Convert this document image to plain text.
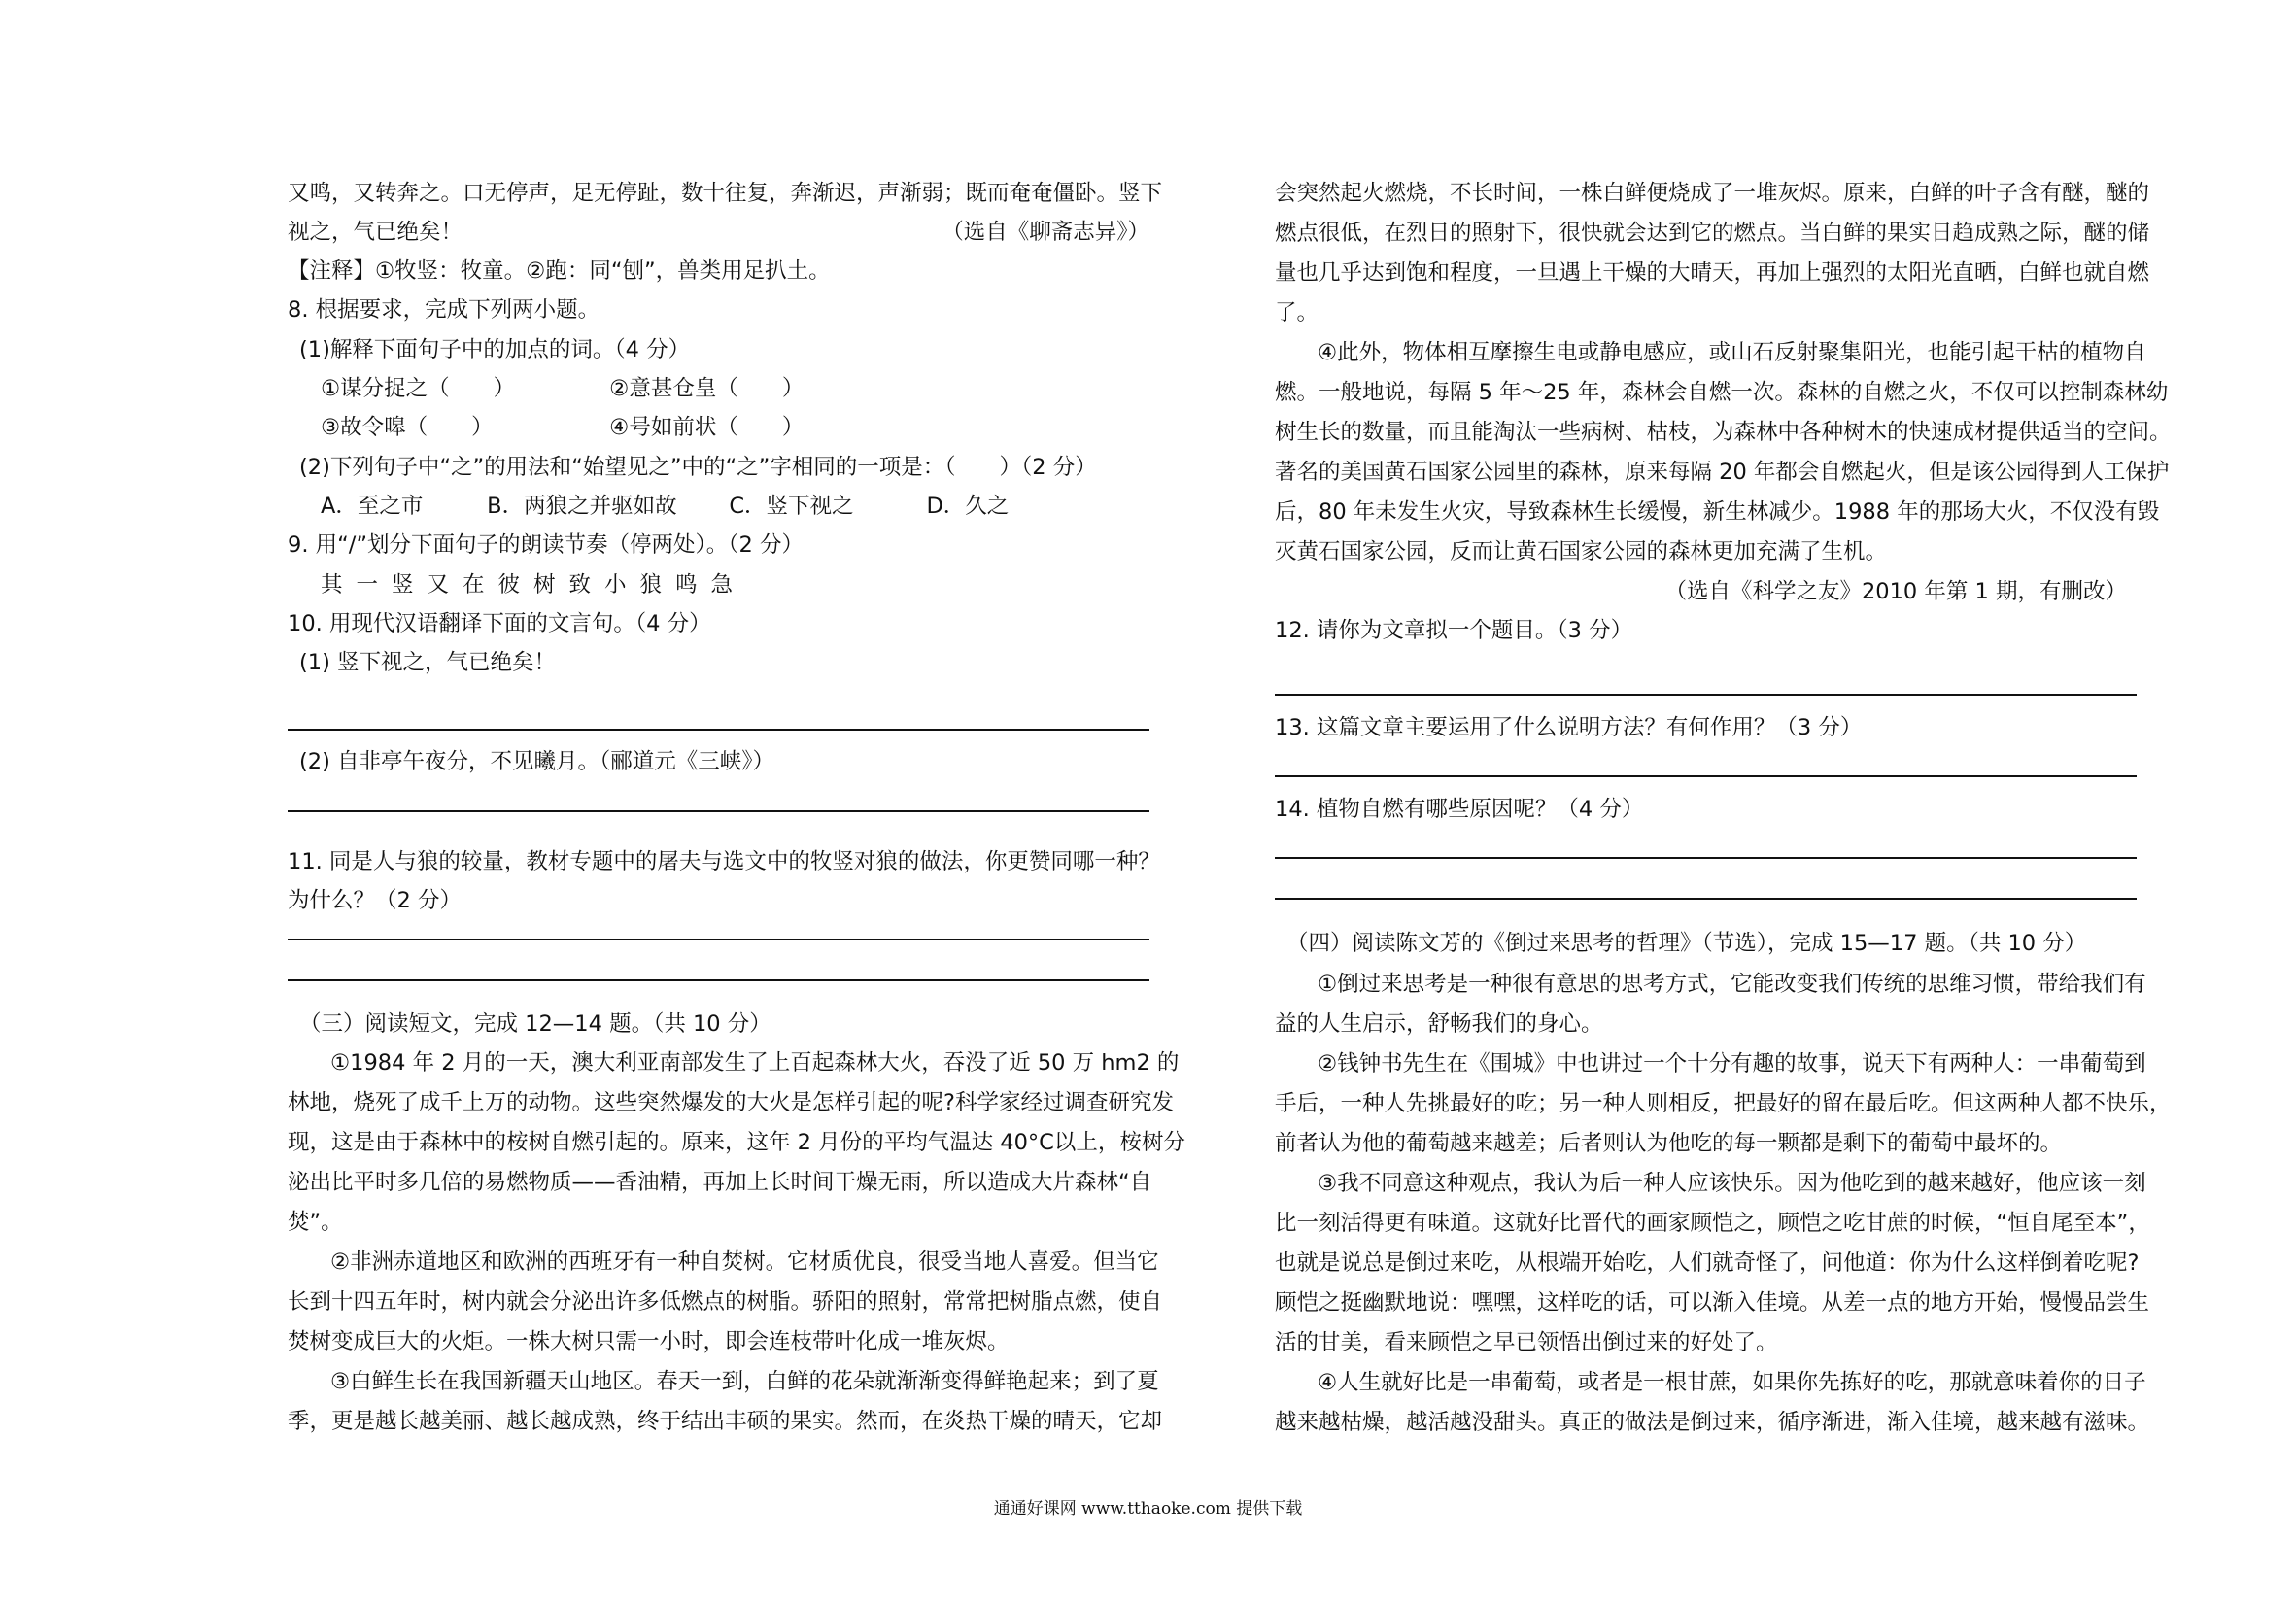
又鸣，又转奔之。口无停声，足无停趾，数十往复，奔渐迟，声渐弱；既而奄奄僵卧。竖下
视之，气已绝矣！	（选自《聊斋志异》）
【注释】①牧竖：牧童。②跑：同“刨”，兽类用足扒土。
8. 根据要求，完成下列两小题。
(1)解释下面句子中的加点的词。（4 分）
①谋分捉之（　　）	②意甚仓皇（　　）
③故令嗥（　　）	④号如前状（　　）
(2)下列句子中“之”的用法和“始望见之”中的“之”字相同的一项是：（　　）（2 分）
A．至之市	B．两狼之并驱如故 C．竖下视之	D．久之
9. 用“/”划分下面句子的朗读节奏（停两处）。（2 分）
其一竖又在彼树致小狼鸣急
10. 用现代汉语翻译下面的文言句。（4 分）
(1) 竖下视之，气已绝矣！
(2) 自非亭午夜分，不见曦月。（郦道元《三峡》）
11. 同是人与狼的较量，教材专题中的屠夫与选文中的牧竖对狼的做法，你更赞同哪一种？
为什么？（2 分）
（三）阅读短文，完成 12—14 题。（共 10 分）
①1984 年 2 月的一天，澳大利亚南部发生了上百起森林大火，吞没了近 50 万 hm2 的
林地，烧死了成千上万的动物。这些突然爆发的大火是怎样引起的呢?科学家经过调查研究发
现，这是由于森林中的桉树自燃引起的。原来，这年 2 月份的平均气温达 40°C以上，桉树分
泌出比平时多几倍的易燃物质——香油精，再加上长时间干燥无雨，所以造成大片森林“自
焚”。
②非洲赤道地区和欧洲的西班牙有一种自焚树。它材质优良，很受当地人喜爱。但当它
长到十四五年时，树内就会分泌出许多低燃点的树脂。骄阳的照射，常常把树脂点燃，使自
焚树变成巨大的火炬。一株大树只需一小时，即会连枝带叶化成一堆灰烬。
③白鲜生长在我国新疆天山地区。春天一到，白鲜的花朵就渐渐变得鲜艳起来；到了夏
季，更是越长越美丽、越长越成熟，终于结出丰硕的果实。然而，在炎热干燥的晴天，它却
会突然起火燃烧，不长时间，一株白鲜便烧成了一堆灰烬。原来，白鲜的叶子含有醚，醚的
燃点很低，在烈日的照射下，很快就会达到它的燃点。当白鲜的果实日趋成熟之际，醚的储
量也几乎达到饱和程度，一旦遇上干燥的大晴天，再加上强烈的太阳光直晒，白鲜也就自燃
了。
④此外，物体相互摩擦生电或静电感应，或山石反射聚集阳光，也能引起干枯的植物自
燃。一般地说，每隔 5 年～25 年，森林会自燃一次。森林的自燃之火，不仅可以控制森林幼
树生长的数量，而且能淘汰一些病树、枯枝，为森林中各种树木的快速成材提供适当的空间。
著名的美国黄石国家公园里的森林，原来每隔 20 年都会自燃起火，但是该公园得到人工保护
后，80 年未发生火灾，导致森林生长缓慢，新生林减少。1988 年的那场大火，不仅没有毁
灭黄石国家公园，反而让黄石国家公园的森林更加充满了生机。
（选自《科学之友》2010 年第 1 期，有删改）
12. 请你为文章拟一个题目。（3 分）
13. 这篇文章主要运用了什么说明方法？有何作用？（3 分）
14. 植物自燃有哪些原因呢？（4 分）
（四）阅读陈文芳的《倒过来思考的哲理》（节选），完成 15—17 题。（共 10 分）
①倒过来思考是一种很有意思的思考方式，它能改变我们传统的思维习惯，带给我们有
益的人生启示，舒畅我们的身心。
②钱钟书先生在《围城》中也讲过一个十分有趣的故事，说天下有两种人：一串葡萄到
手后，一种人先挑最好的吃；另一种人则相反，把最好的留在最后吃。但这两种人都不快乐，
前者认为他的葡萄越来越差；后者则认为他吃的每一颗都是剩下的葡萄中最坏的。
③我不同意这种观点，我认为后一种人应该快乐。因为他吃到的越来越好，他应该一刻
比一刻活得更有味道。这就好比晋代的画家顾恺之，顾恺之吃甘蔗的时候，“恒自尾至本”，
也就是说总是倒过来吃，从根端开始吃，人们就奇怪了，问他道：你为什么这样倒着吃呢?
顾恺之挺幽默地说：嘿嘿，这样吃的话，可以渐入佳境。从差一点的地方开始，慢慢品尝生
活的甘美，看来顾恺之早已领悟出倒过来的好处了。
④人生就好比是一串葡萄，或者是一根甘蔗，如果你先拣好的吃，那就意味着你的日子
越来越枯燥，越活越没甜头。真正的做法是倒过来，循序渐进，渐入佳境，越来越有滋味。
通通好课网 www.tthaoke.com 提供下载
